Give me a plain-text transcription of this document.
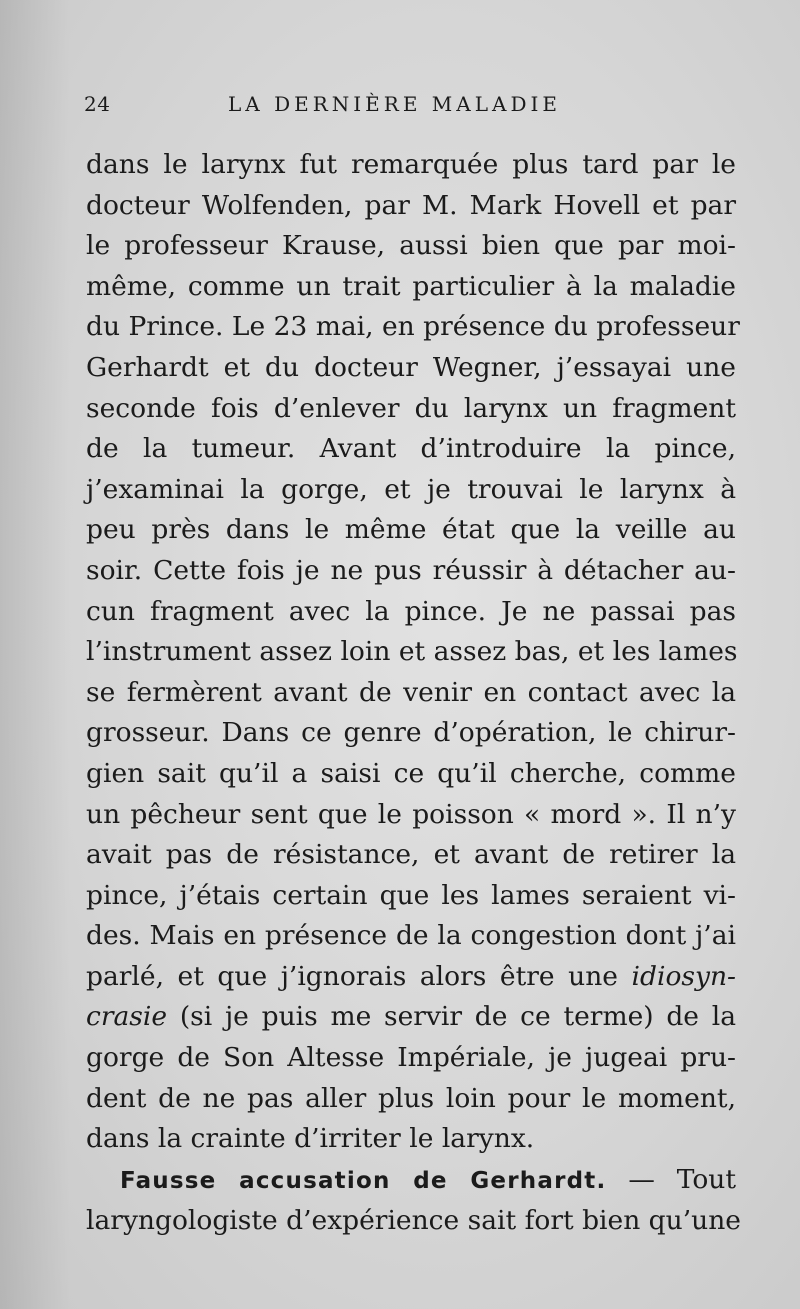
24	LA DERNIÈRE MALADIE
dans le larynx fut remarquée plus tard par le
docteur Wolfenden, par M. Mark Hovell et par
le professeur Krause, aussi bien que par moi-
même, comme un trait particulier à la maladie
du Prince. Le 23 mai, en présence du professeur
Gerhardt et du docteur Wegner, j’essayai une
seconde fois d’enlever du larynx un fragment
de la tumeur. Avant d’introduire la pince,
j’examinai la gorge, et je trouvai le larynx à
peu près dans le même état que la veille au
soir. Cette fois je ne pus réussir à détacher au-
cun fragment avec la pince. Je ne passai pas
l’instrument assez loin et assez bas, et les lames
se fermèrent avant de venir en contact avec la
grosseur. Dans ce genre d’opération, le chirur-
gien sait qu’il a saisi ce qu’il cherche, comme
un pêcheur sent que le poisson « mord ». Il n’y
avait pas de résistance, et avant de retirer la
pince, j’étais certain que les lames seraient vi-
des. Mais en présence de la congestion dont j’ai
parlé, et que j’ignorais alors être une idiosyn-
crasie (si je puis me servir de ce terme) de la
gorge de Son Altesse Impériale, je jugeai pru-
dent de ne pas aller plus loin pour le moment,
dans la crainte d’irriter le larynx.
Fausse accusation de Gerhardt. — Tout
laryngologiste d’expérience sait fort bien qu’une
